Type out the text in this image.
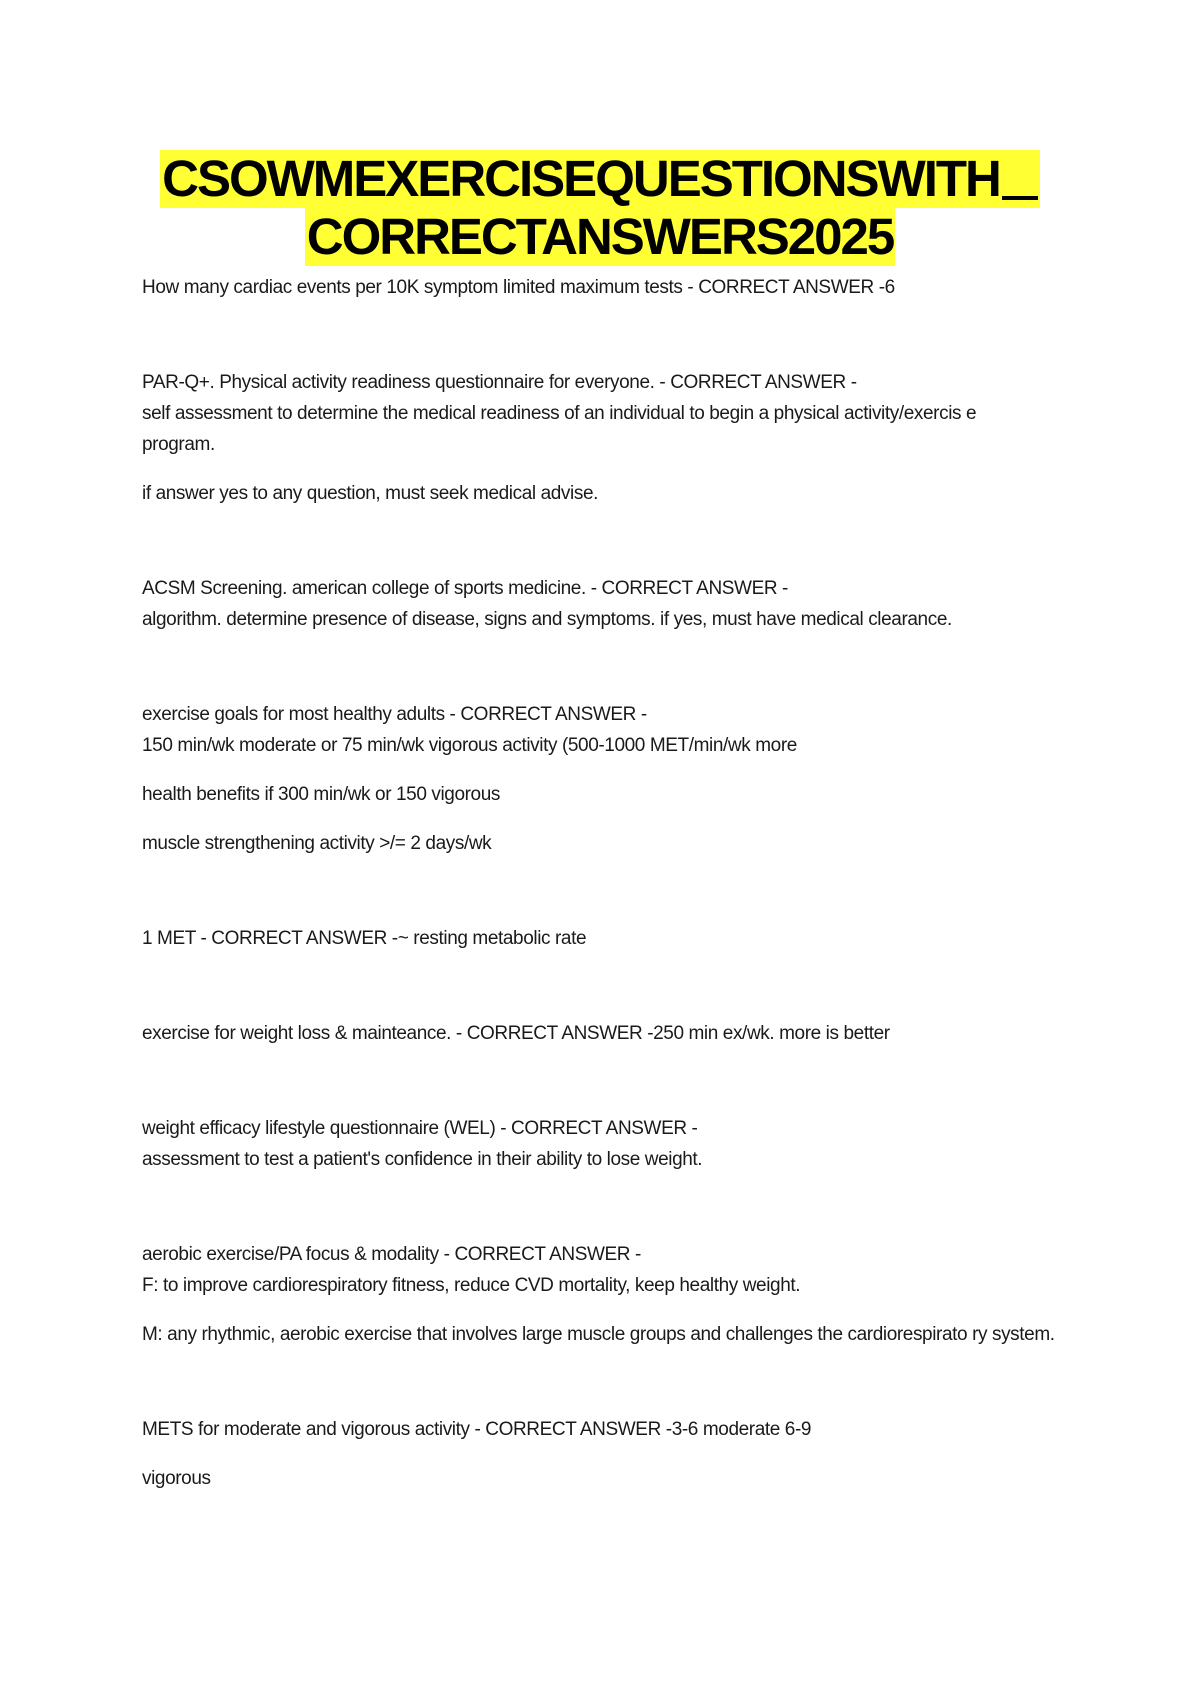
CSOWMEXERCISEQUESTIONSWITH
CORRECTANSWERS2025

How many cardiac events per 10K symptom limited maximum tests - CORRECT ANSWER -6

PAR-Q+. Physical activity readiness questionnaire for everyone. - CORRECT ANSWER -

self assessment to determine the medical readiness of an individual to begin a physical activity/exercis e

program.

if answer yes to any question, must seek medical advise.

ACSM Screening. american college of sports medicine. - CORRECT ANSWER -

algorithm. determine presence of disease, signs and symptoms. if yes, must have medical clearance.

exercise goals for most healthy adults - CORRECT ANSWER -

150 min/wk moderate or 75 min/wk vigorous activity (500-1000 MET/min/wk more

health benefits if 300 min/wk or 150 vigorous

muscle strengthening activity >/= 2 days/wk

1 MET - CORRECT ANSWER -~ resting metabolic rate

exercise for weight loss & mainteance. - CORRECT ANSWER -250 min ex/wk. more is better

weight efficacy lifestyle questionnaire (WEL) - CORRECT ANSWER -

assessment to test a patient's confidence in their ability to lose weight.

aerobic exercise/PA focus & modality - CORRECT ANSWER -

F: to improve cardiorespiratory fitness, reduce CVD mortality, keep healthy weight.

M: any rhythmic, aerobic exercise that involves large muscle groups and challenges the cardiorespirato ry system.

METS for moderate and vigorous activity - CORRECT ANSWER -3-6 moderate 6-9

vigorous
